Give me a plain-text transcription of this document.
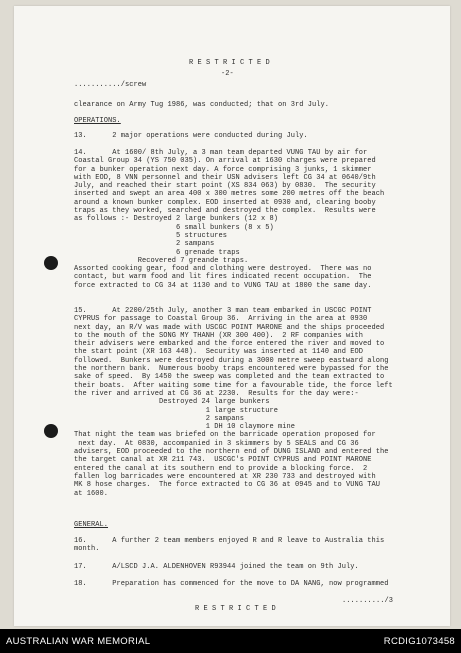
R E S T R I C T E D

-2-

.........../screw

clearance on Army Tug 1986, was conducted; that on 3rd July.

OPERATIONS.

13.      2 major operations were conducted during July.
14.      At 1600/ 8th July, a 3 man team departed VUNG TAU by air for
Coastal Group 34 (YS 750 035). On arrival at 1630 charges were prepared
for a bunker operation next day. A force comprising 3 junks, 1 skimmer
with EOD, 8 VNN personnel and their USN advisers left CG 34 at 0640/9th
July, and reached their start point (XS 834 063) by 0830.  The security
inserted and swept an area 400 x 300 metres some 200 metres off the beach
around a known bunker complex. EOD inserted at 0930 and, clearing booby
traps as they worked, searched and destroyed the complex.  Results were
as follows :- Destroyed 2 large bunkers (12 x 8)
6 small bunkers (8 x 5)
5 structures
2 sampans
6 grenade traps
Recovered 7 greande traps.
Assorted cooking gear, food and clothing were destroyed.  There was no
contact, but warm food and lit fires indicated recent occupation.  The
force extracted to CG 34 at 1130 and to VUNG TAU at 1800 the same day.
15.      At 2200/25th July, another 3 man team embarked in USCGC POINT
CYPRUS for passage to Coastal Group 36.  Arriving in the area at 0930
next day, an R/V was made with USCGC POINT MARONE and the ships proceeded
to the mouth of the SONG MY THANH (XR 300 400).  2 RF companies with
their advisers were embarked and the force entered the river and moved to
the start point (XR 163 448).  Security was inserted at 1140 and EOD
followed.  Bunkers were destroyed during a 3000 metre sweep eastward along
the northern bank.  Numerous booby traps encountered were bypassed for the
sake of speed.  By 1450 the sweep was completed and the team extracted to
their boats.  After waiting some time for a favourable tide, the force left
the river and arrived at CG 36 at 2230.  Results for the day were:-
Destroyed 24 large bunkers
1 large structure
2 sampans
1 DH 10 claymore mine
That night the team was briefed on the barricade operation proposed for
next day.  At 0830, accompanied in 3 skimmers by 5 SEALS and CG 36
advisers, EOD proceeded to the northern end of DUNG ISLAND and entered the
the target canal at XR 211 743.  USCGC's POINT CYPRUS and POINT MARONE
entered the canal at its southern end to provide a blocking force.  2
fallen log barricades were encountered at XR 230 733 and destroyed with
MK 8 hose charges.  The force extracted to CG 36 at 0945 and to VUNG TAU
at 1600.

GENERAL.

16.      A further 2 team members enjoyed R and R leave to Australia this
month.
17.      A/LSCD J.A. ALDENHOVEN R93944 joined the team on 9th July.
18.      Preparation has commenced for the move to DA NANG, now programmed

........../3

R E S T R I C T E D

AUSTRALIAN WAR MEMORIAL	RCDIG1073458
